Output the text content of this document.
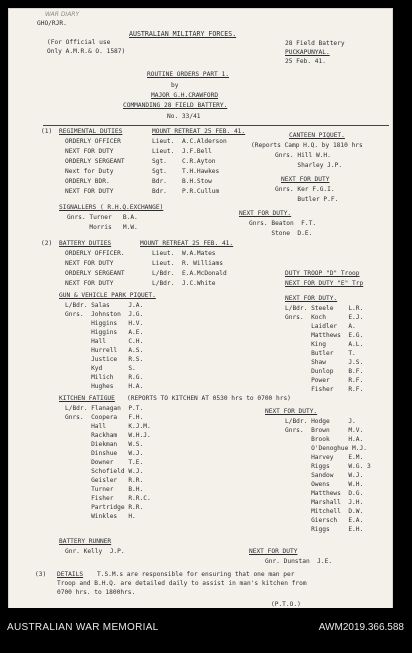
WAR DIARY
GHO/RJR.
AUSTRALIAN MILITARY FORCES.
(For Official use
Only A.M.R.& O. 1587)
28 Field Battery
PUCKAPUNYAL.
25 Feb. 41.
ROUTINE ORDERS PART 1.
by
MAJOR G.H.CRAWFORD
COMMANDING 28 FIELD BATTERY.
No. 33/41
(1) REGIMENTAL DUTIES	MOUNT RETREAT 25 FEB. 41.
ORDERLY OFFICER	Lieut. A.C.Alderson
NEXT FOR DUTY	Lieut. J.F.Bell
ORDERLY SERGEANT	Sgt. C.R.Ayton
Next for Duty	Sgt. T.H.Hawkes
ORDERLY BDR.	Bdr. B.H.Stow
NEXT FOR DUTY	Bdr. P.R.Cullum
CANTEEN PIQUET.
(Reports Camp H.Q. by 1810 hrs
Gnrs. Hill W.H.
Sharley J.P.
NEXT FOR DUTY
Gnrs. Ker F.G.I.
Butler P.F.
SIGNALLERS ( R.H.Q.EXCHANGE)
Gnrs. Turner   B.A.
Morris   M.W.
NEXT FOR DUTY.
Gnrs. Beaton  F.T.
Stone  D.E.
(2) BATTERY DUTIES	MOUNT RETREAT 25 FEB. 41.
ORDERLY OFFICER.	Lieut. W.A.Mates
NEXT FOR DUTY	Lieut. R. Williams
ORDERLY SERGEANT	L/Bdr. E.A.McDonald
NEXT FOR DUTY	L/Bdr. J.C.White
DUTY TROOP "D" Troop
NEXT FOR DUTY "E" Trp
GUN & VEHICLE PARK PIQUET.
L/Bdr. Salas     J.A.
Gnrs.  Johnston  J.G.
Higgins   H.V.
Higgins   A.E.
Hall      C.H.
Hurrell   A.S.
Justice   R.S.
Kyd       S.
Milich    R.G.
Hughes    H.A.
NEXT FOR DUTY.
L/Bdr. Steele    L.R.
Gnrs.  Koch      E.J.
Laidler   A.
Matthews  E.G.
King      A.L.
Butler    T.
Shaw      J.S.
Dunlop    B.F.
Power     R.F.
Fisher    R.F.
KITCHEN FATIGUE (REPORTS TO KITCHEN AT 0530 hrs to 0700 hrs)
L/Bdr. Flanagan  P.T.
Gnrs.  Coopera   F.H.
Hall      K.J.M.
Rackham   W.H.J.
Diekman   W.S.
Dinshue   W.J.
Downer    T.E.
Schofield W.J.
Geisler   R.R.
Turner    B.H.
Fisher    R.R.C.
Partridge R.R.
Winkles   H.
NEXT FOR DUTY.
L/Bdr. Hodge     J.
Gnrs.  Brown     M.V.
Brook     H.A.
O'Denoghue M.J.
Harvey    E.M.
Riggs     W.G. 3
Sandow    W.J.
Owens     W.H.
Matthews  D.G.
Marshall  J.H.
Mitchell  D.W.
Giersch   E.A.
Riggs     E.H.
BATTERY RUNNER
Gnr. Kelly  J.P.	NEXT FOR DUTY
Gnr. Dunstan  J.E.
(3) DETAILS T.S.M.s are responsible for ensuring that one man per
Troop and B.H.Q. are detailed daily to assist in man's kitchen from
0700 hrs. to 1800hrs.
(P.T.O.)
AUSTRALIAN WAR MEMORIAL	AWM2019.366.588
